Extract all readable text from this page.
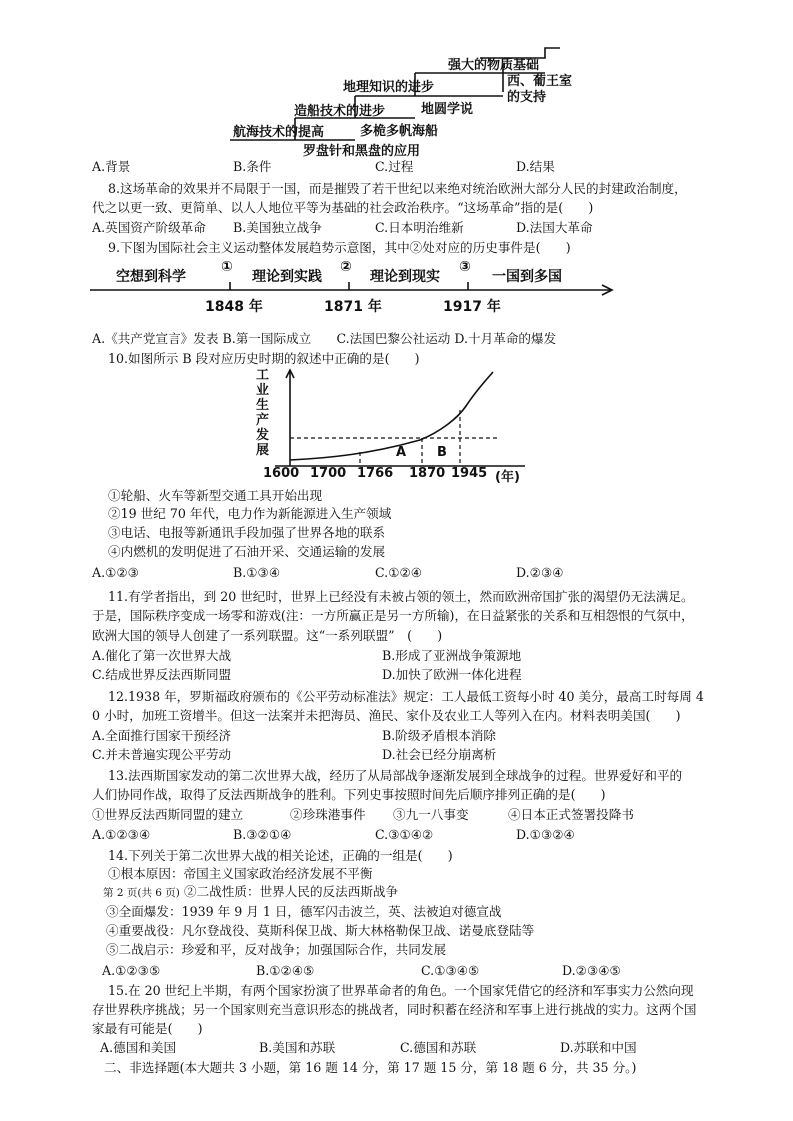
强大的物质基础
地理知识的进步	西、葡王室
的支持
造船技术的进步	地圆学说
航海技术的提高	多桅多帆海船
罗盘针和黑盘的应用
A.背景	B.条件	C.过程	D.结果
8.这场革命的效果并不局限于一国，而是摧毁了若干世纪以来绝对统治欧洲大部分人民的封建政治制度，
代之以更一致、更简单、以人人地位平等为基础的社会政治秩序。“这场革命”指的是(　　)
A.英国资产阶级革命 B.美国独立战争	C.日本明治维新	D.法国大革命
9.下图为国际社会主义运动整体发展趋势示意图，其中②处对应的历史事件是(　　)
空想到科学	理论到实践	理论到现实	一国到多国
①	②	③
1848 年	1871 年	1917 年
A.《共产党宣言》发表 B.第一国际成立　　C.法国巴黎公社运动 D.十月革命的爆发
10.如图所示 B 段对应历史时期的叙述中正确的是(　　)
工业生产发展	A B
1600 1700 1766 1870 1945 (年)
①轮船、火车等新型交通工具开始出现
②19 世纪 70 年代，电力作为新能源进入生产领域
③电话、电报等新通讯手段加强了世界各地的联系
④内燃机的发明促进了石油开采、交通运输的发展
A.①②③	B.①③④	C.①②④	D.②③④
11.有学者指出，到 20 世纪时，世界上已经没有未被占领的领土，然而欧洲帝国扩张的渴望仍无法满足。
于是，国际秩序变成一场零和游戏(注：一方所赢正是另一方所输)，在日益紧张的关系和互相怨恨的气氛中，
欧洲大国的领导人创建了一系列联盟。这“一系列联盟”　(　　)
A.催化了第一次世界大战	B.形成了亚洲战争策源地
C.结成世界反法西斯同盟	D.加快了欧洲一体化进程
12.1938 年，罗斯福政府颁布的《公平劳动标准法》规定：工人最低工资每小时 40 美分，最高工时每周 4
0 小时，加班工资增半。但这一法案并未把海员、渔民、家仆及农业工人等列入在内。材料表明美国(　　)
A.全面推行国家干预经济	B.阶级矛盾根本消除
C.并未普遍实现公平劳动	D.社会已经分崩离析
13.法西斯国家发动的第二次世界大战，经历了从局部战争逐渐发展到全球战争的过程。世界爱好和平的
人们协同作战，取得了反法西斯战争的胜利。下列史事按照时间先后顺序排列正确的是(　　)
①世界反法西斯同盟的建立	②珍珠港事件 ③九一八事变	④日本正式签署投降书
A.①②③④	B.③②①④	C.③①④②	D.①③②④
14.下列关于第二次世界大战的相关论述，正确的一组是(　　)
①根本原因：帝国主义国家政治经济发展不平衡
第 2 页(共 6 页) ②二战性质：世界人民的反法西斯战争
③全面爆发：1939 年 9 月 1 日，德军闪击波兰，英、法被迫对德宣战
④重要战役：凡尔登战役、莫斯科保卫战、斯大林格勒保卫战、诺曼底登陆等
⑤二战启示：珍爱和平，反对战争；加强国际合作，共同发展
A.①②③⑤	B.①②④⑤	C.①③④⑤	D.②③④⑤
15.在 20 世纪上半期，有两个国家扮演了世界革命者的角色。一个国家凭借它的经济和军事实力公然向现
存世界秩序挑战；另一个国家则充当意识形态的挑战者，同时积蓄在经济和军事上进行挑战的实力。这两个国
家最有可能是(　　)
A.德国和美国	B.美国和苏联	C.德国和苏联	D.苏联和中国
二、非选择题(本大题共 3 小题，第 16 题 14 分，第 17 题 15 分，第 18 题 6 分，共 35 分。)
